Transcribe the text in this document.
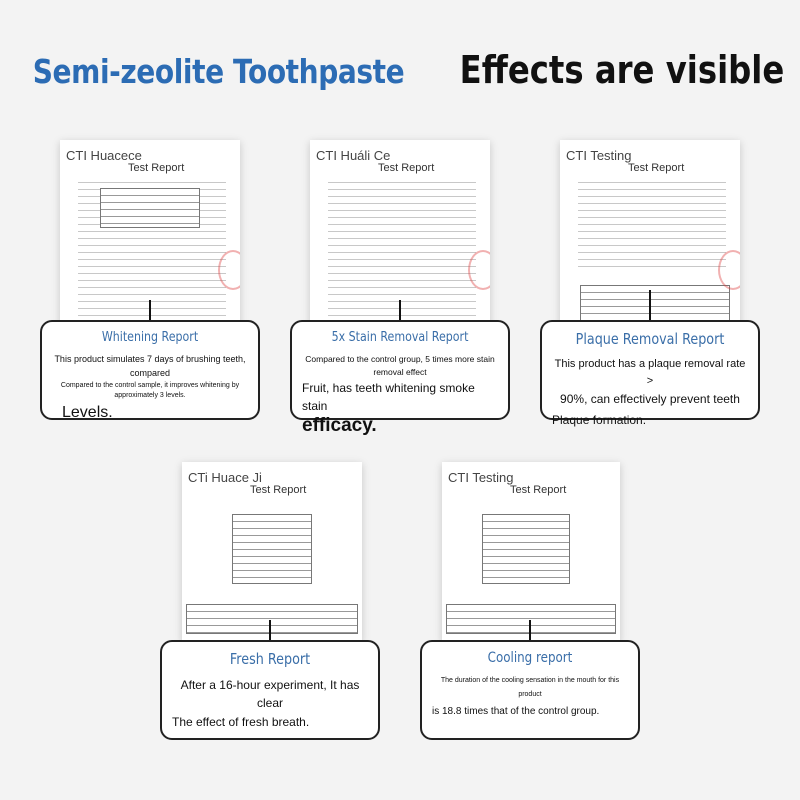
Semi-zeolite Toothpaste Effects are visible
CTI Huacece
Test Report
Whitening Report

This product simulates 7 days of brushing teeth, compared

Compared to the control sample, it improves whitening by

approximately 3 levels.

Levels.

CTI Huáli Ce
Test Report
5x Stain Removal Report

Compared to the control group, 5 times more stain

removal effect

Fruit, has teeth whitening smoke stain

efficacy.

CTI Testing
Test Report
Plaque Removal Report

This product has a plaque removal rate >

90%, can effectively prevent teeth

Plaque formation.

CTi Huace Ji
Test Report
Fresh Report

After a 16-hour experiment, It has clear

The effect of fresh breath.

CTI Testing
Test Report
Cooling report

The duration of the cooling sensation in the mouth for this product

is 18.8 times that of the control group.
